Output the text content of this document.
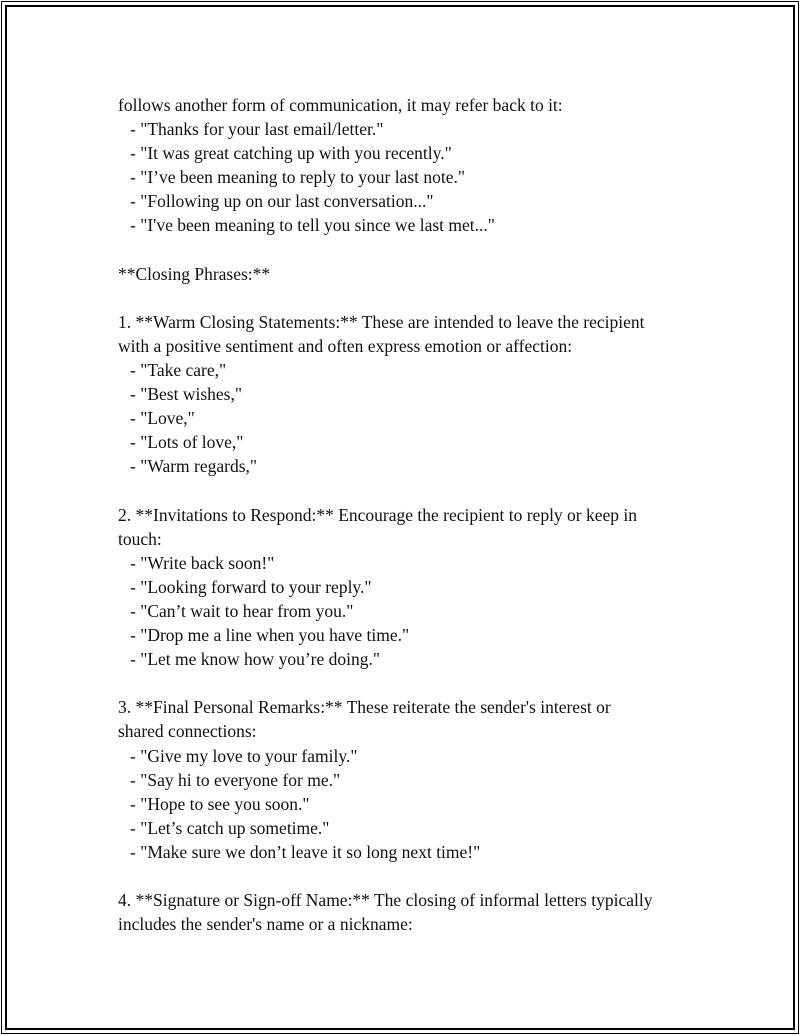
follows another form of communication, it may refer back to it:
- "Thanks for your last email/letter."
- "It was great catching up with you recently."
- "I’ve been meaning to reply to your last note."
- "Following up on our last conversation..."
- "I've been meaning to tell you since we last met..."
**Closing Phrases:**
1. **Warm Closing Statements:** These are intended to leave the recipient
with a positive sentiment and often express emotion or affection:
- "Take care,"
- "Best wishes,"
- "Love,"
- "Lots of love,"
- "Warm regards,"
2. **Invitations to Respond:** Encourage the recipient to reply or keep in
touch:
- "Write back soon!"
- "Looking forward to your reply."
- "Can’t wait to hear from you."
- "Drop me a line when you have time."
- "Let me know how you’re doing."
3. **Final Personal Remarks:** These reiterate the sender's interest or
shared connections:
- "Give my love to your family."
- "Say hi to everyone for me."
- "Hope to see you soon."
- "Let’s catch up sometime."
- "Make sure we don’t leave it so long next time!"
4. **Signature or Sign-off Name:** The closing of informal letters typically
includes the sender's name or a nickname:
